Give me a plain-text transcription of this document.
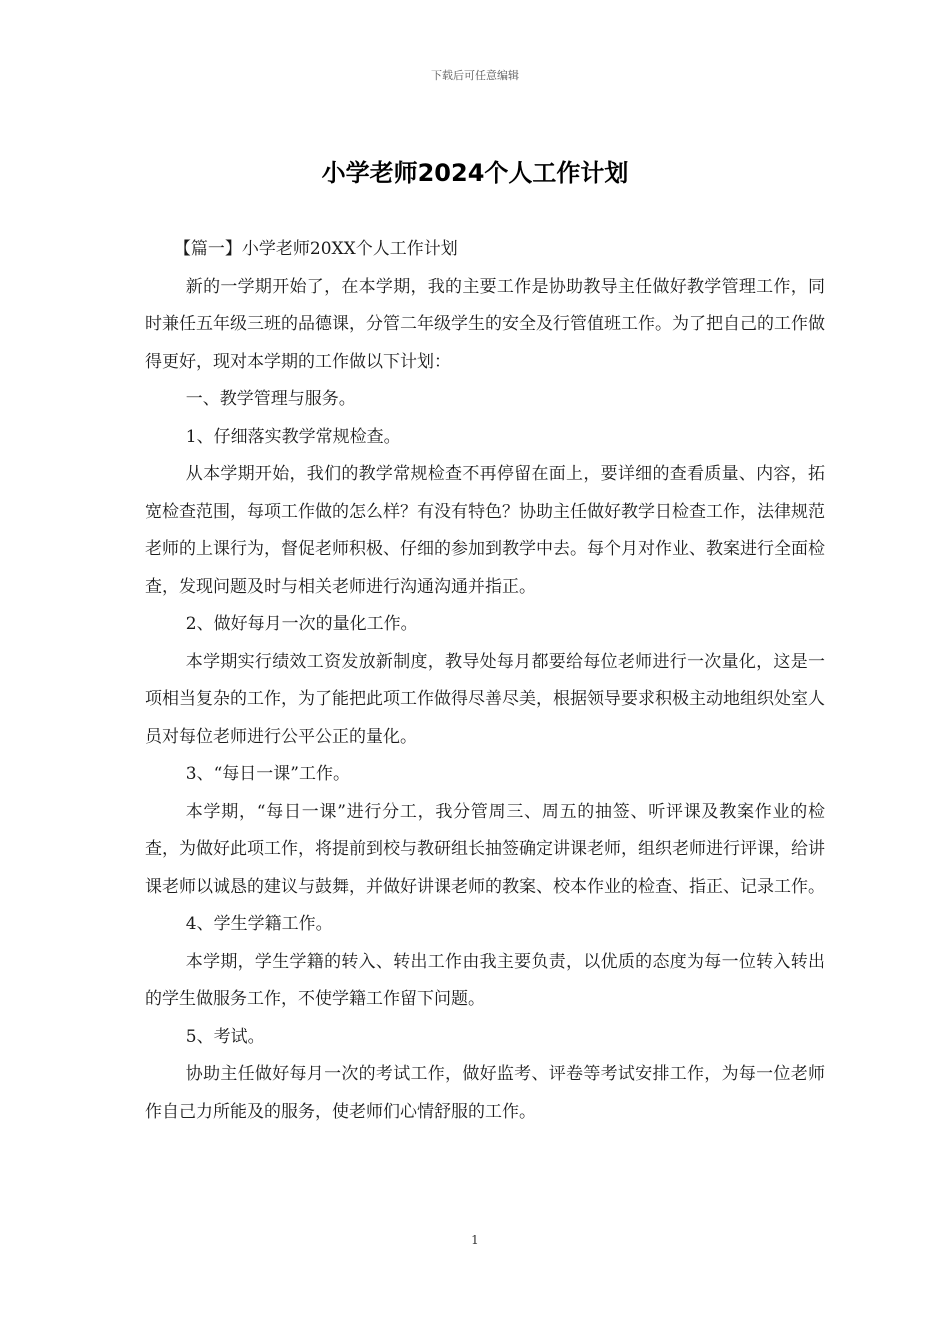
下载后可任意编辑
小学老师2024个人工作计划

【篇一】小学老师20XX个人工作计划

新的一学期开始了，在本学期，我的主要工作是协助教导主任做好教学管理工作，同时兼任五年级三班的品德课，分管二年级学生的安全及行管值班工作。为了把自己的工作做得更好，现对本学期的工作做以下计划：

一、教学管理与服务。

1、仔细落实教学常规检查。

从本学期开始，我们的教学常规检查不再停留在面上，要详细的查看质量、内容，拓宽检查范围，每项工作做的怎么样？有没有特色？协助主任做好教学日检查工作，法律规范老师的上课行为，督促老师积极、仔细的参加到教学中去。每个月对作业、教案进行全面检查，发现问题及时与相关老师进行沟通沟通并指正。

2、做好每月一次的量化工作。

本学期实行绩效工资发放新制度，教导处每月都要给每位老师进行一次量化，这是一项相当复杂的工作，为了能把此项工作做得尽善尽美，根据领导要求积极主动地组织处室人员对每位老师进行公平公正的量化。

3、“每日一课”工作。

本学期，“每日一课”进行分工，我分管周三、周五的抽签、听评课及教案作业的检查，为做好此项工作，将提前到校与教研组长抽签确定讲课老师，组织老师进行评课，给讲课老师以诚恳的建议与鼓舞，并做好讲课老师的教案、校本作业的检查、指正、记录工作。

4、学生学籍工作。

本学期，学生学籍的转入、转出工作由我主要负责，以优质的态度为每一位转入转出的学生做服务工作，不使学籍工作留下问题。

5、考试。

协助主任做好每月一次的考试工作，做好监考、评卷等考试安排工作，为每一位老师作自己力所能及的服务，使老师们心情舒服的工作。

1
